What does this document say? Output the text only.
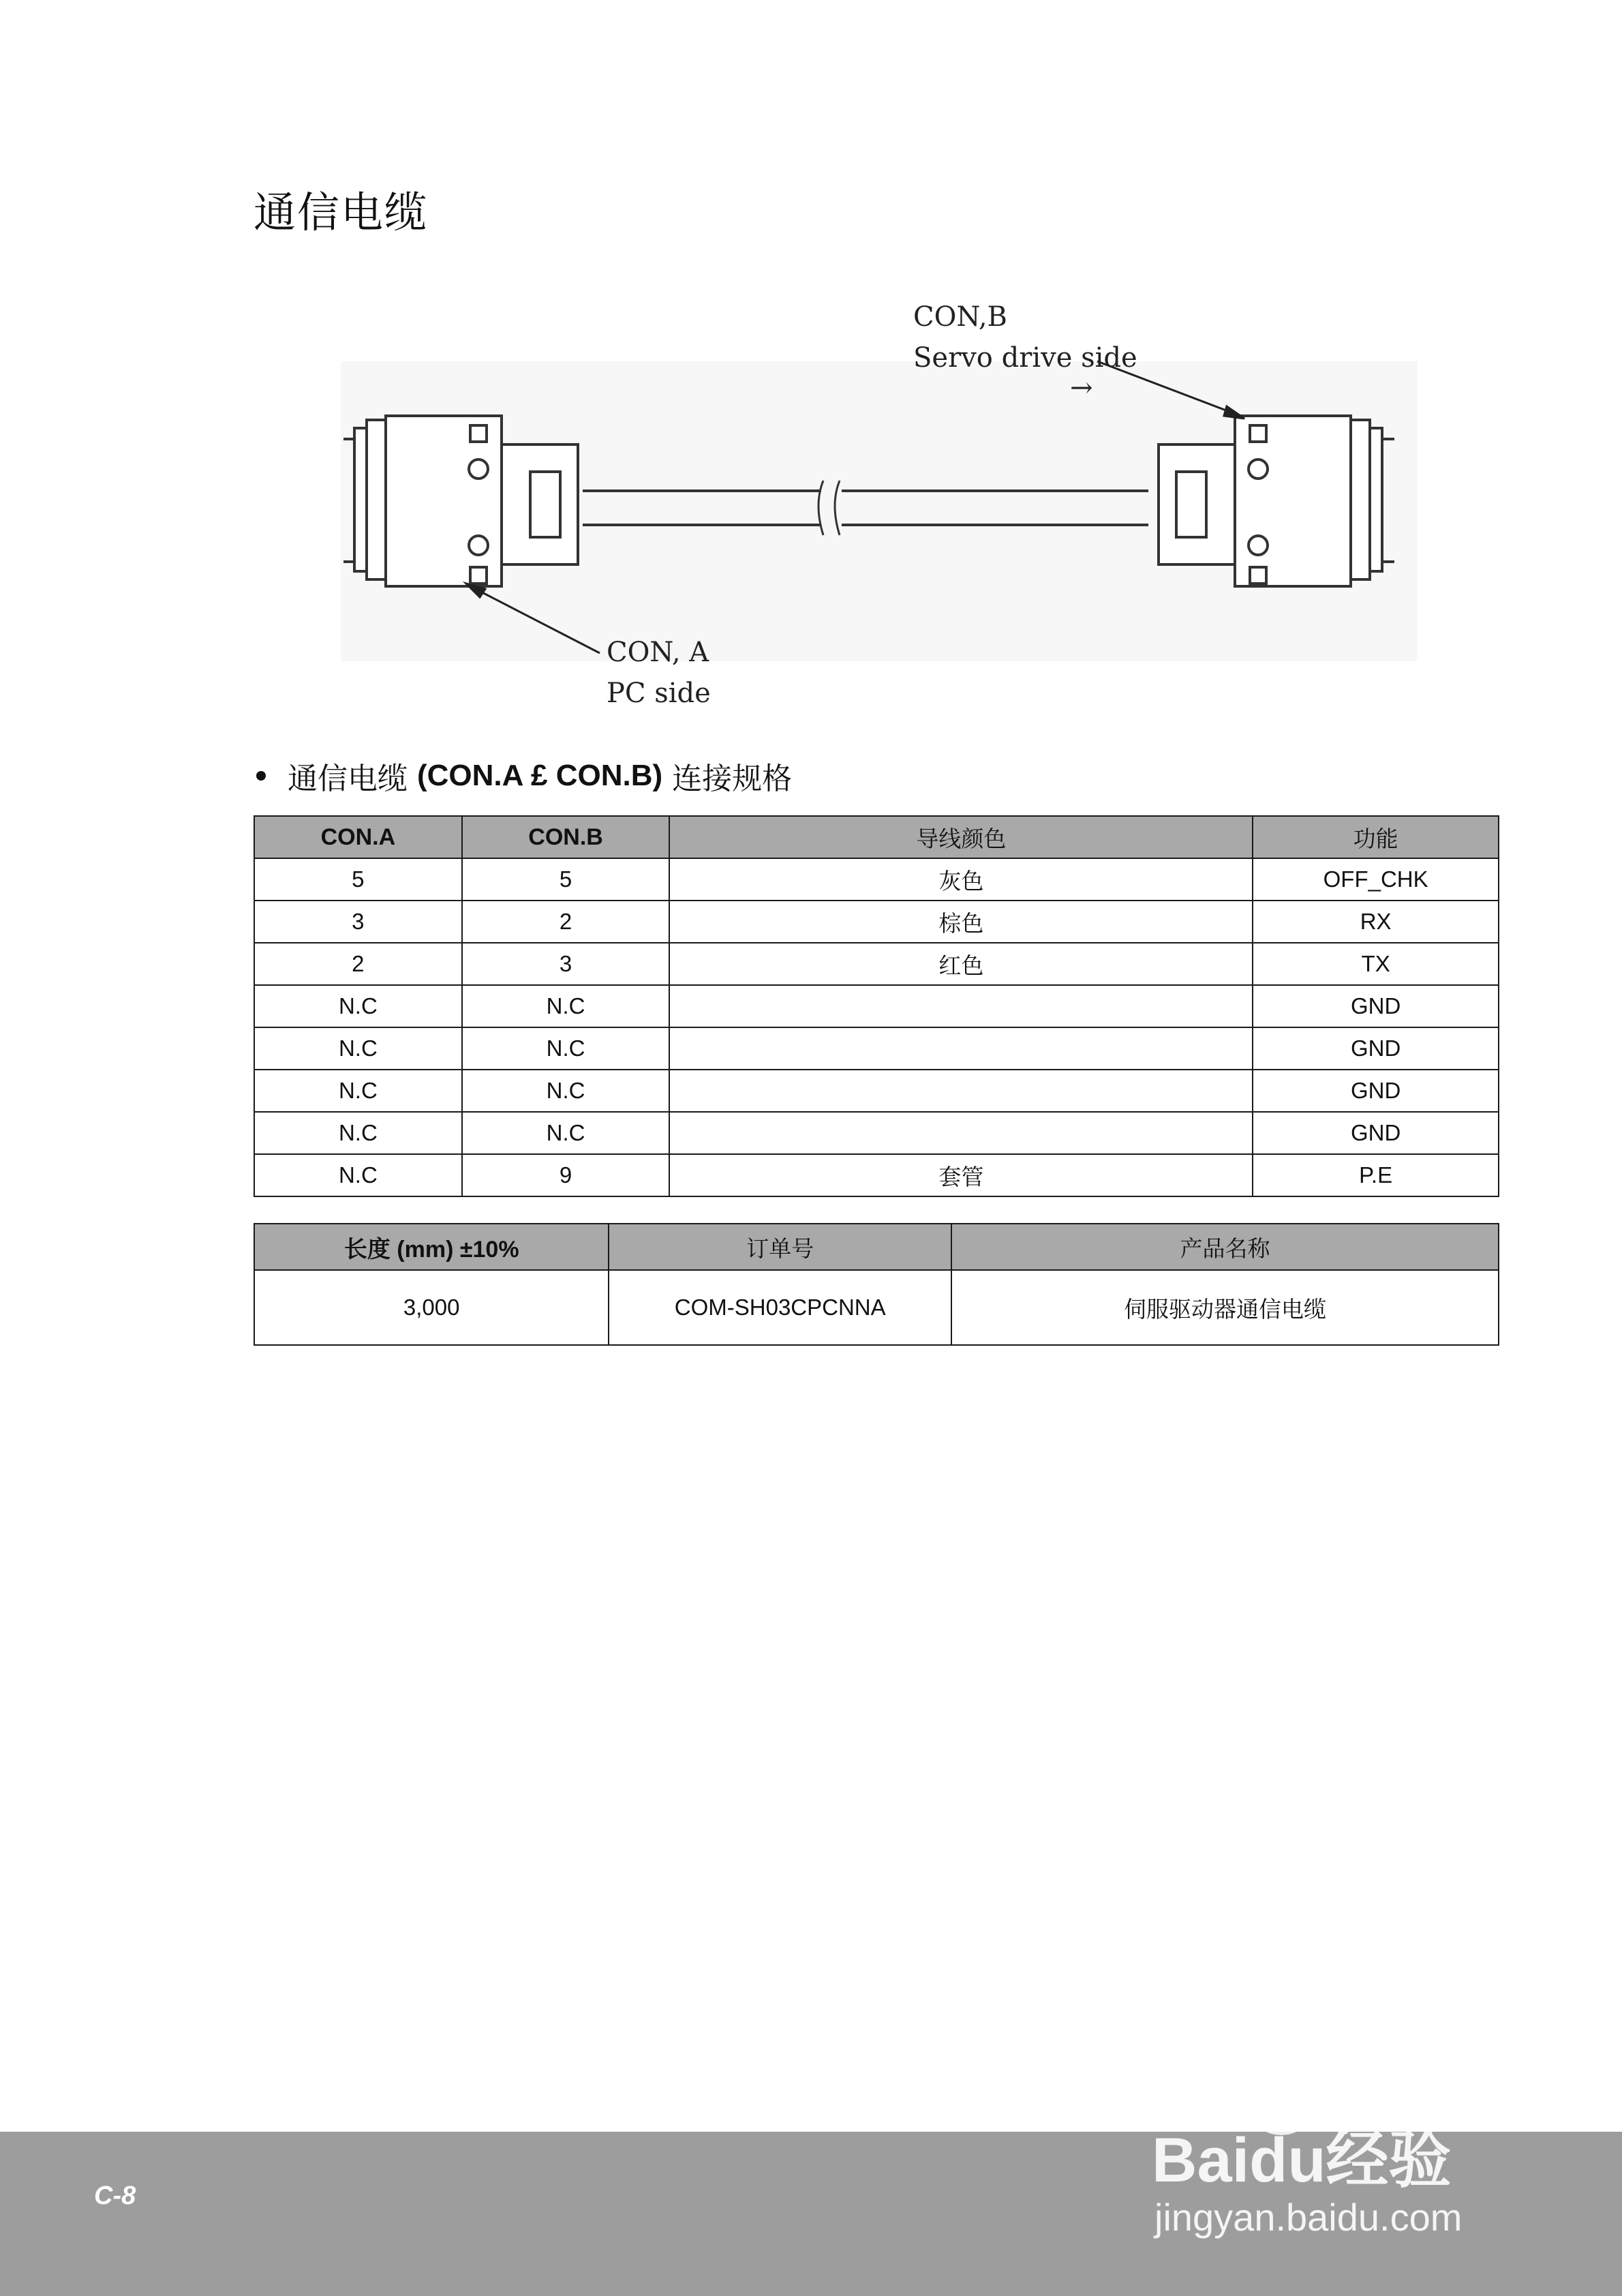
通信电缆
CON,B
Servo drive side
→
CON, A
PC side
通信电缆
(CON.A £ CON.B)
连接规格
CON.A	CON.B	导线颜色	功能
5	5	灰色	OFF_CHK
3	2	棕色	RX
2	3	红色	TX
N.C	N.C		GND
N.C	N.C		GND
N.C	N.C		GND
N.C	N.C		GND
N.C	9	套管	P.E
长度 (mm) ±10%	订单号	产品名称
3,000	COM-SH03CPCNNA	伺服驱动器通信电缆
C-8
Baidu经验
jingyan.baidu.com
